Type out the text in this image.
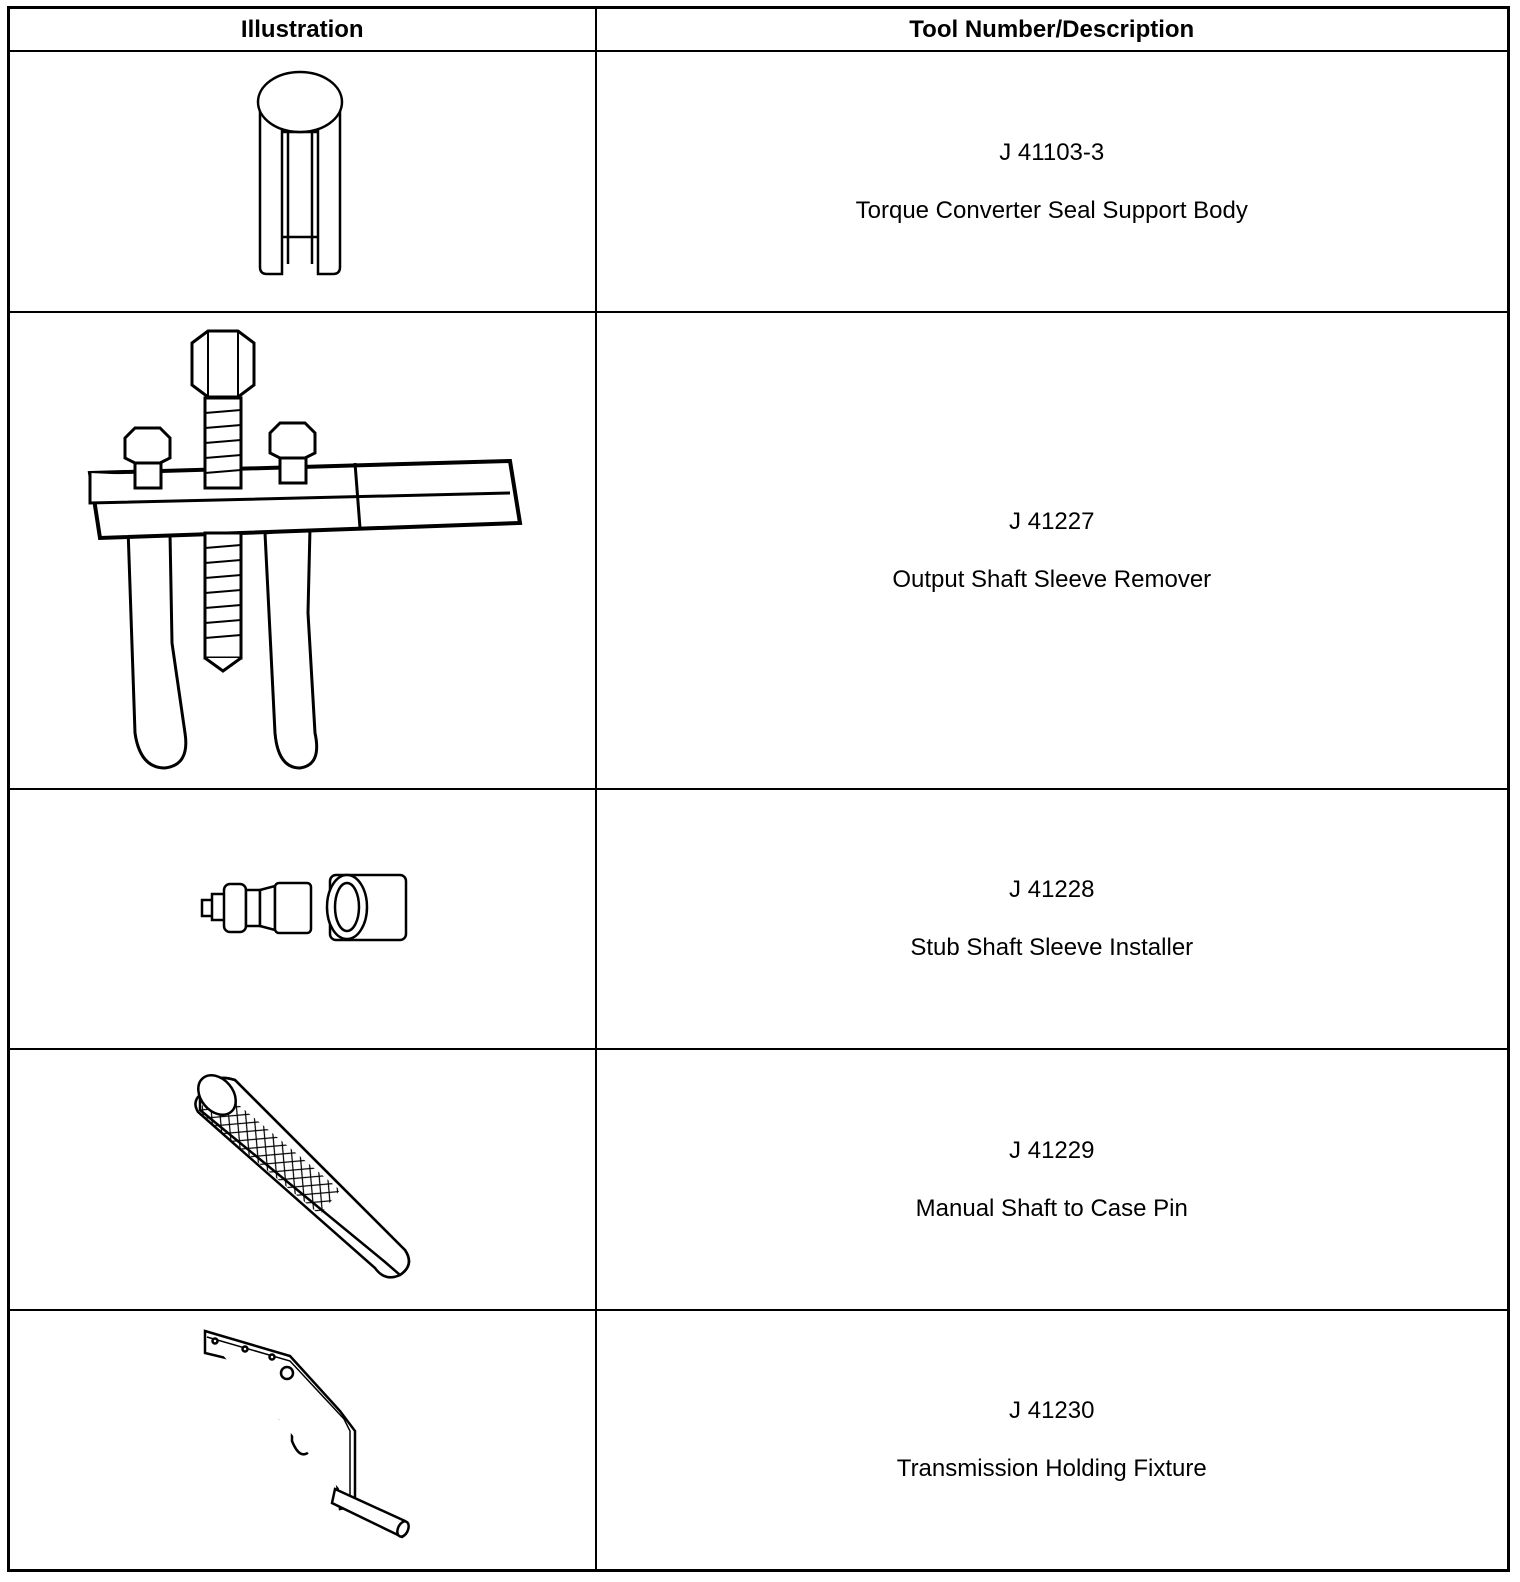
Illustration	Tool Number/Description

J 41103-3
Torque Converter Seal Support Body

J 41227
Output Shaft Sleeve Remover

J 41228
Stub Shaft Sleeve Installer

J 41229
Manual Shaft to Case Pin

J 41230
Transmission Holding Fixture
